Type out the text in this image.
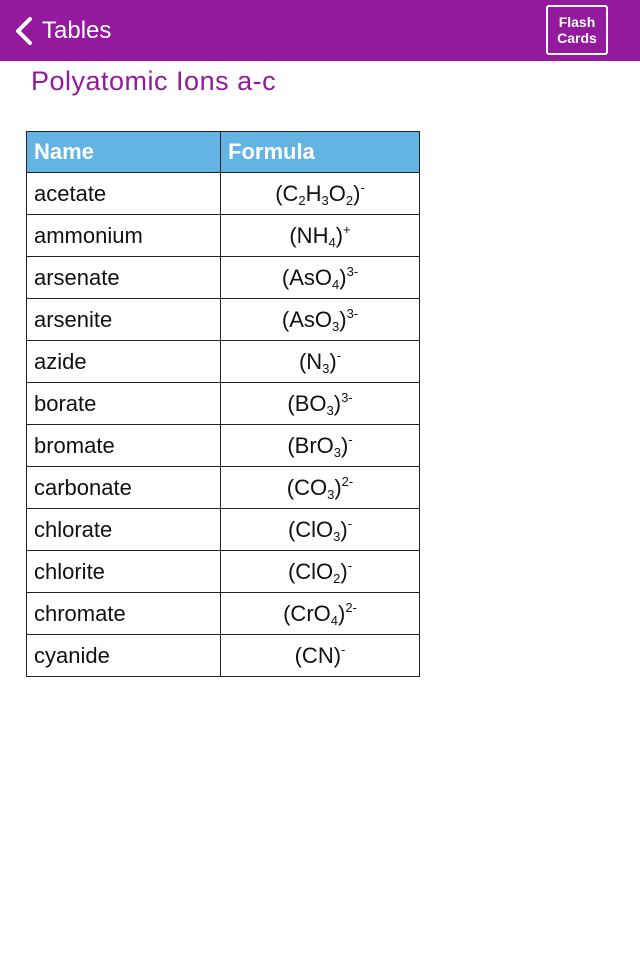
Tables	Flash
Cards
Polyatomic Ions a-c
Name	Formula
acetate	$(C_2H_3O_2)^-$
ammonium	$(NH_4)^+$
arsenate	$(AsO_4)^{3-}$
arsenite	$(AsO_3)^{3-}$
azide	$(N_3)^-$
borate	$(BO_3)^{3-}$
bromate	(BrO$_3$)-
carbonate	$(CO_3)^{2-}$
chlorate	(ClO$_3$)-
chlorite	(ClO$_2$)-
chromate	$(CrO_4)^{2-}$
cyanide	(CN)-
